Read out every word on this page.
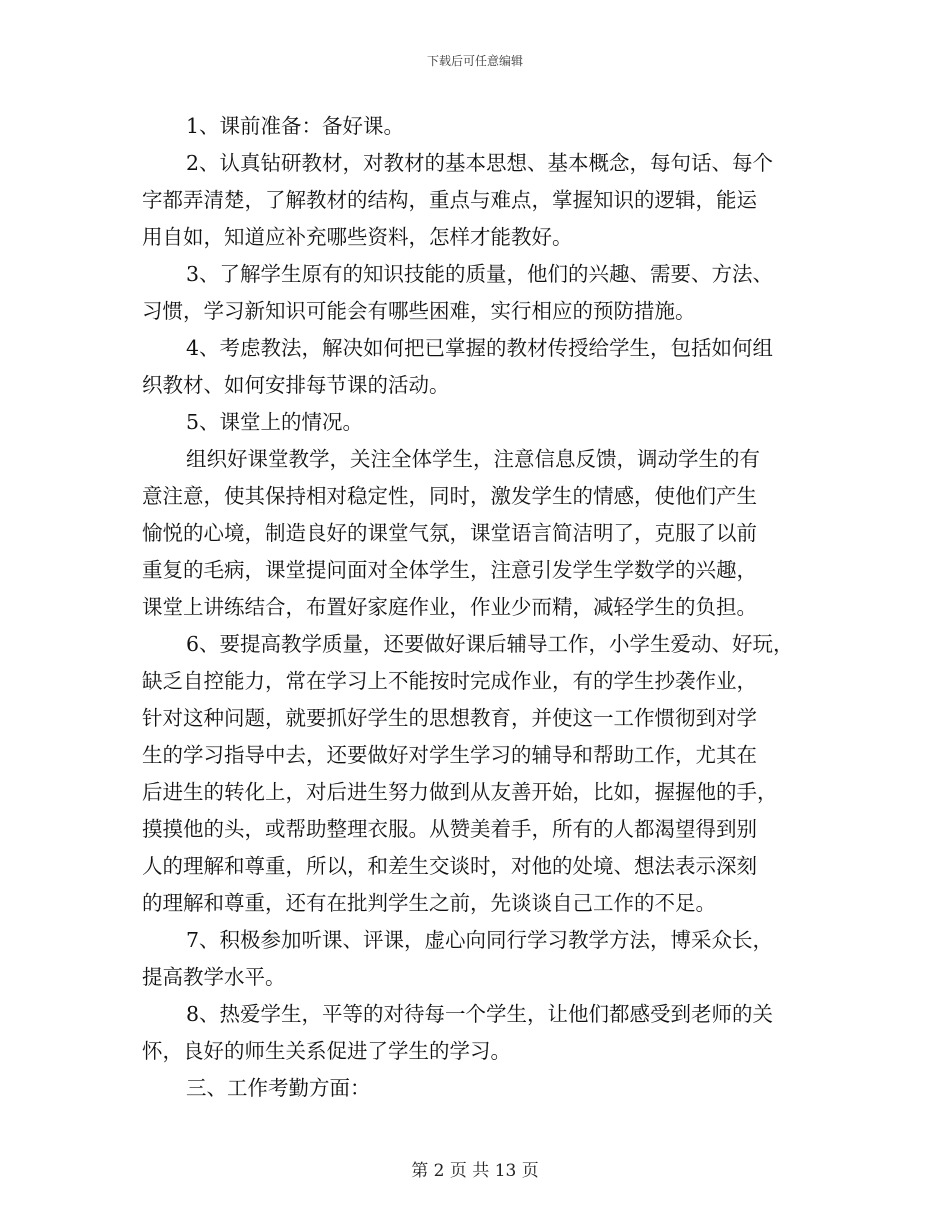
下载后可任意编辑
1、课前准备：备好课。
2、认真钻研教材，对教材的基本思想、基本概念，每句话、每个
字都弄清楚，了解教材的结构，重点与难点，掌握知识的逻辑，能运
用自如，知道应补充哪些资料，怎样才能教好。
3、了解学生原有的知识技能的质量，他们的兴趣、需要、方法、
习惯，学习新知识可能会有哪些困难，实行相应的预防措施。
4、考虑教法，解决如何把已掌握的教材传授给学生，包括如何组
织教材、如何安排每节课的活动。
5、课堂上的情况。
组织好课堂教学，关注全体学生，注意信息反馈，调动学生的有
意注意，使其保持相对稳定性，同时，激发学生的情感，使他们产生
愉悦的心境，制造良好的课堂气氛，课堂语言简洁明了，克服了以前
重复的毛病，课堂提问面对全体学生，注意引发学生学数学的兴趣，
课堂上讲练结合，布置好家庭作业，作业少而精，减轻学生的负担。
6、要提高教学质量，还要做好课后辅导工作，小学生爱动、好玩，
缺乏自控能力，常在学习上不能按时完成作业，有的学生抄袭作业，
针对这种问题，就要抓好学生的思想教育，并使这一工作惯彻到对学
生的学习指导中去，还要做好对学生学习的辅导和帮助工作，尤其在
后进生的转化上，对后进生努力做到从友善开始，比如，握握他的手，
摸摸他的头，或帮助整理衣服。从赞美着手，所有的人都渴望得到别
人的理解和尊重，所以，和差生交谈时，对他的处境、想法表示深刻
的理解和尊重，还有在批判学生之前，先谈谈自己工作的不足。
7、积极参加听课、评课，虚心向同行学习教学方法，博采众长，
提高教学水平。
8、热爱学生，平等的对待每一个学生，让他们都感受到老师的关
怀，良好的师生关系促进了学生的学习。
三、工作考勤方面：
第 2 页 共 13 页
